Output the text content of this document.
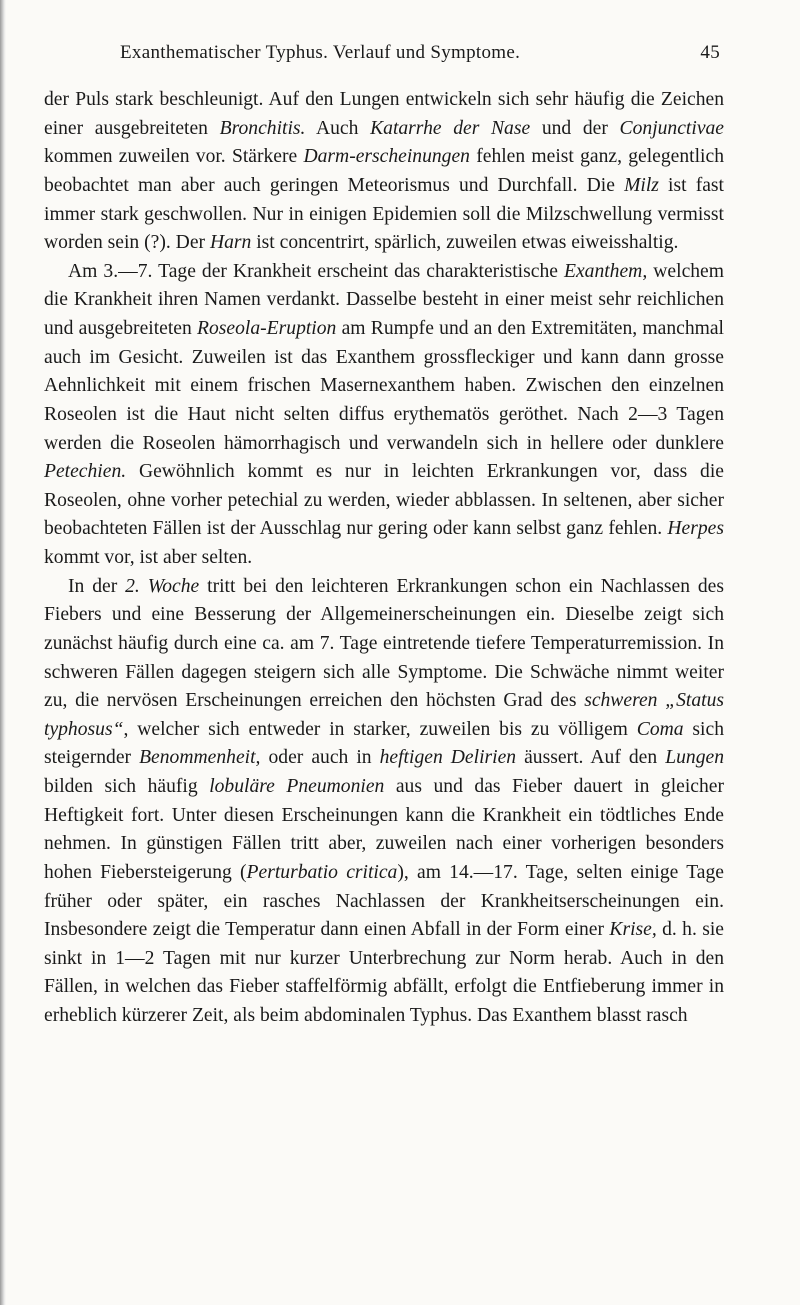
Exanthematischer Typhus. Verlauf und Symptome.	45

der Puls stark beschleunigt. Auf den Lungen entwickeln sich sehr häufig die Zeichen einer ausgebreiteten Bronchitis. Auch Katarrhe der Nase und der Conjunctivae kommen zuweilen vor. Stärkere Darm-erscheinungen fehlen meist ganz, gelegentlich beobachtet man aber auch geringen Meteorismus und Durchfall. Die Milz ist fast immer stark geschwollen. Nur in einigen Epidemien soll die Milzschwellung vermisst worden sein (?). Der Harn ist concentrirt, spärlich, zuweilen etwas eiweisshaltig.

Am 3.—7. Tage der Krankheit erscheint das charakteristische Exanthem, welchem die Krankheit ihren Namen verdankt. Dasselbe besteht in einer meist sehr reichlichen und ausgebreiteten Roseola-Eruption am Rumpfe und an den Extremitäten, manchmal auch im Gesicht. Zuweilen ist das Exanthem grossfleckiger und kann dann grosse Aehnlichkeit mit einem frischen Masernexanthem haben. Zwischen den einzelnen Roseolen ist die Haut nicht selten diffus erythematös geröthet. Nach 2—3 Tagen werden die Roseolen hämorrhagisch und verwandeln sich in hellere oder dunklere Petechien. Gewöhnlich kommt es nur in leichten Erkrankungen vor, dass die Roseolen, ohne vorher petechial zu werden, wieder abblassen. In seltenen, aber sicher beobachteten Fällen ist der Ausschlag nur gering oder kann selbst ganz fehlen. Herpes kommt vor, ist aber selten.

In der 2. Woche tritt bei den leichteren Erkrankungen schon ein Nachlassen des Fiebers und eine Besserung der Allgemeinerscheinungen ein. Dieselbe zeigt sich zunächst häufig durch eine ca. am 7. Tage eintretende tiefere Temperaturremission. In schweren Fällen dagegen steigern sich alle Symptome. Die Schwäche nimmt weiter zu, die nervösen Erscheinungen erreichen den höchsten Grad des schweren „Status typhosus“, welcher sich entweder in starker, zuweilen bis zu völligem Coma sich steigernder Benommenheit, oder auch in heftigen Delirien äussert. Auf den Lungen bilden sich häufig lobuläre Pneumonien aus und das Fieber dauert in gleicher Heftigkeit fort. Unter diesen Erscheinungen kann die Krankheit ein tödtliches Ende nehmen. In günstigen Fällen tritt aber, zuweilen nach einer vorherigen besonders hohen Fiebersteigerung (Perturbatio critica), am 14.—17. Tage, selten einige Tage früher oder später, ein rasches Nachlassen der Krankheitserscheinungen ein. Insbesondere zeigt die Temperatur dann einen Abfall in der Form einer Krise, d. h. sie sinkt in 1—2 Tagen mit nur kurzer Unterbrechung zur Norm herab. Auch in den Fällen, in welchen das Fieber staffelförmig abfällt, erfolgt die Entfieberung immer in erheblich kürzerer Zeit, als beim abdominalen Typhus. Das Exanthem blasst rasch
